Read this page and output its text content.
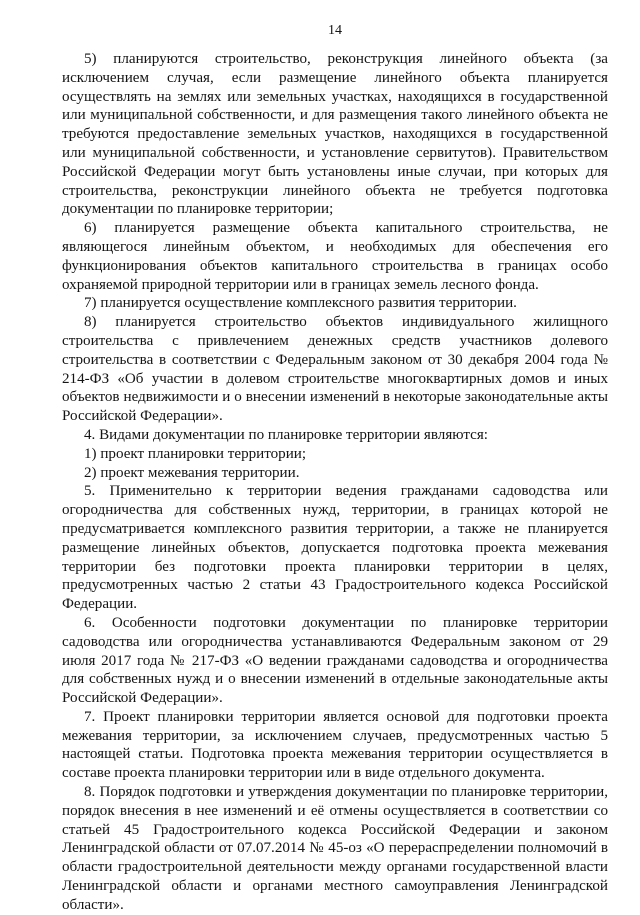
14

5) планируются строительство, реконструкция линейного объекта (за исключением случая, если размещение линейного объекта планируется осуществлять на землях или земельных участках, находящихся в государственной или муниципальной собственности, и для размещения такого линейного объекта не требуются предоставление земельных участков, находящихся в государственной или муниципальной собственности, и установление сервитутов). Правительством Российской Федерации могут быть установлены иные случаи, при которых для строительства, реконструкции линейного объекта не требуется подготовка документации по планировке территории;

6) планируется размещение объекта капитального строительства, не являющегося линейным объектом, и необходимых для обеспечения его функционирования объектов капитального строительства в границах особо охраняемой природной территории или в границах земель лесного фонда.

7) планируется осуществление комплексного развития территории.

8) планируется строительство объектов индивидуального жилищного строительства с привлечением денежных средств участников долевого строительства в соответствии с Федеральным законом от 30 декабря 2004 года № 214-ФЗ «Об участии в долевом строительстве многоквартирных домов и иных объектов недвижимости и о внесении изменений в некоторые законодательные акты Российской Федерации».

4. Видами документации по планировке территории являются:

1) проект планировки территории;

2) проект межевания территории.

5. Применительно к территории ведения гражданами садоводства или огородничества для собственных нужд, территории, в границах которой не предусматривается комплексного развития территории, а также не планируется размещение линейных объектов, допускается подготовка проекта межевания территории без подготовки проекта планировки территории в целях, предусмотренных частью 2 статьи 43 Градостроительного кодекса Российской Федерации.

6. Особенности подготовки документации по планировке территории садоводства или огородничества устанавливаются Федеральным законом от 29 июля 2017 года № 217-ФЗ «О ведении гражданами садоводства и огородничества для собственных нужд и о внесении изменений в отдельные законодательные акты Российской Федерации».

7. Проект планировки территории является основой для подготовки проекта межевания территории, за исключением случаев, предусмотренных частью 5 настоящей статьи. Подготовка проекта межевания территории осуществляется в составе проекта планировки территории или в виде отдельного документа.

8. Порядок подготовки и утверждения документации по планировке территории, порядок внесения в нее изменений и её отмены осуществляется в соответствии со статьей 45 Градостроительного кодекса Российской Федерации и законом Ленинградской области от 07.07.2014 № 45-оз «О перераспределении полномочий в области градостроительной деятельности между органами государственной власти Ленинградской области и органами местного самоуправления Ленинградской области».
